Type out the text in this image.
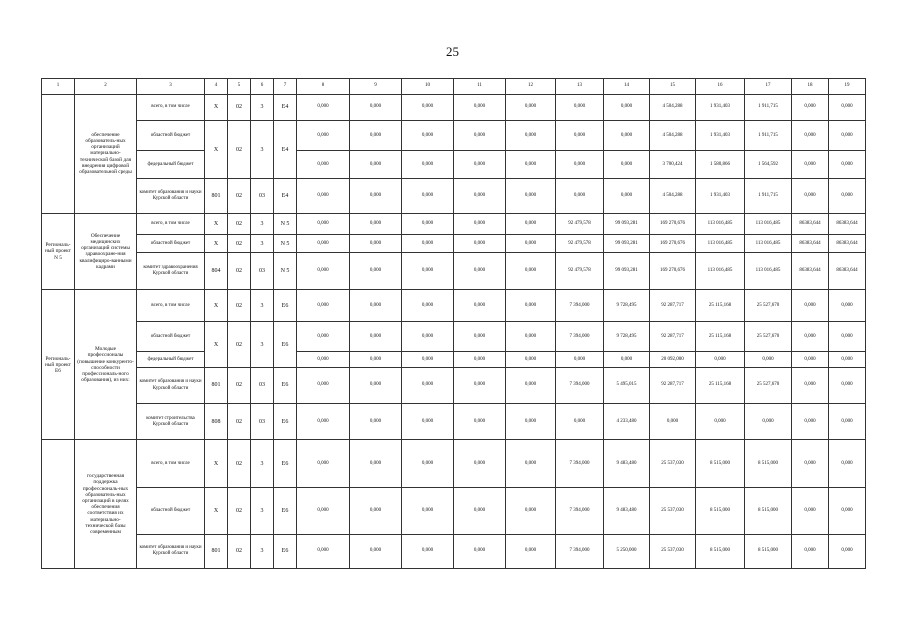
25
1	2	3	4	5	6	7	8	9	10	11	12	13	14	15	16	17	18	19
	обеспечение образователь-ных организаций материально-технической базой для внедрения цифровой образовательной среды	всего, в том числе	X	02	3	E4	0,000	0,000	0,000	0,000	0,000	0,000	0,000	4 504,288	1 931,403	1 911,715	0,000	0,000
		областной бюджет	X	02	3	E4	0,000	0,000	0,000	0,000	0,000	0,000	0,000	4 504,288	1 931,403	1 911,715	0,000	0,000
		федеральный бюджет					0,000	0,000	0,000	0,000	0,000	0,000	0,000	3 700,424	1 580,866	1 564,592	0,000	0,000
		комитет образования и науки Курской области	801	02	03	E4	0,000	0,000	0,000	0,000	0,000	0,000	0,000	4 504,288	1 931,403	1 911,715	0,000	0,000
Региональ-ный проект N 5	Обеспечение медицинских организаций системы здравоохране-ния квалифициро-ванными кадрами	всего, в том числе	X	02	3	N 5	0,000	0,000	0,000	0,000	0,000	92 479,578	99 093,281	169 270,676	113 016,485	113 016,485	86383,644	86383,644
		областной бюджет	X	02	3	N 5	0,000	0,000	0,000	0,000	0,000	92 479,578	99 093,281	169 270,676	113 016,485	113 016,485	86383,644	86383,644
		комитет здравоохранения Курской области	804	02	03	N 5	0,000	0,000	0,000	0,000	0,000	92 479,578	99 093,281	169 270,676	113 016,485	113 016,485	86383,644	86383,644
Региональ-ный проект E6	Молодые профессионалы (повышение конкуренто-способности профессиональ-ного образования), из них:	всего, в том числе	X	02	3	E6	0,000	0,000	0,000	0,000	0,000	7 394,000	9 728,495	92 287,717	25 115,168	25 527,670	0,000	0,000
		областной бюджет	X	02	3	E6	0,000	0,000	0,000	0,000	0,000	7 394,000	9 728,495	92 287,717	25 115,168	25 527,670	0,000	0,000
		федеральный бюджет					0,000	0,000	0,000	0,000	0,000	0,000	0,000	20 092,000	0,000	0,000	0,000	0,000
		комитет образования и науки Курской области	801	02	03	E6	0,000	0,000	0,000	0,000	0,000	7 394,000	5 495,015	92 287,717	25 115,168	25 527,670	0,000	0,000
		комитет строительства Курской области	808	02	03	E6	0,000	0,000	0,000	0,000	0,000	0,000	4 233,480	0,000	0,000	0,000	0,000	0,000
	государственная поддержка профессиональ-ных образователь-ных организаций в целях обеспечения соответствия их материально-технической базы современным	всего, в том числе	X	02	3	E6	0,000	0,000	0,000	0,000	0,000	7 394,000	9 483,480	25 537,030	8 515,000	8 515,000	0,000	0,000
		областной бюджет	X	02	3	E6	0,000	0,000	0,000	0,000	0,000	7 394,000	9 483,480	25 537,030	8 515,000	8 515,000	0,000	0,000
		комитет образования и науки Курской области	801	02	3	E6	0,000	0,000	0,000	0,000	0,000	7 394,000	5 250,000	25 537,030	8 515,000	8 515,000	0,000	0,000
